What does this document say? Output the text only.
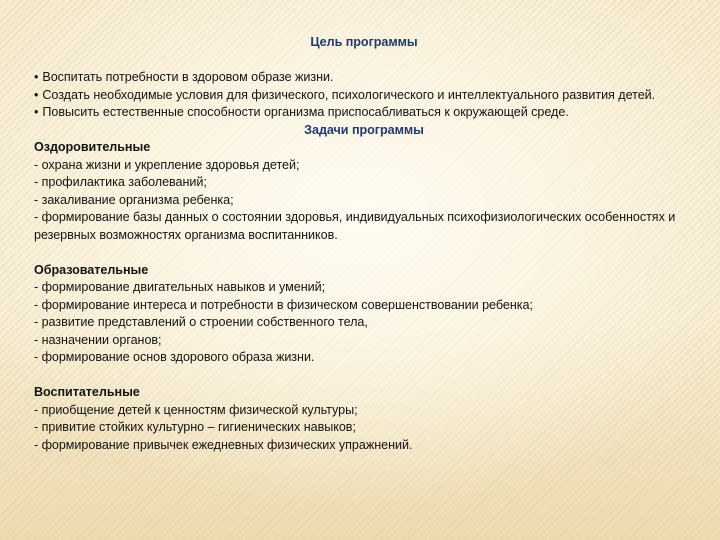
Цель программы
• Воспитать потребности в здоровом образе жизни.
• Создать необходимые условия для физического, психологического и интеллектуального развития детей.
• Повысить естественные способности организма приспосабливаться к окружающей среде.
Задачи программы
Оздоровительные
- охрана жизни и укрепление здоровья детей;
- профилактика заболеваний;
- закаливание организма ребенка;
- формирование базы данных о состоянии здоровья, индивидуальных психофизиологических особенностях и резервных возможностях организма воспитанников.
Образовательные
- формирование двигательных навыков и умений;
- формирование интереса и потребности в физическом совершенствовании ребенка;
- развитие представлений о строении собственного тела,
- назначении органов;
- формирование основ здорового образа жизни.
Воспитательные
- приобщение детей к ценностям физической культуры;
- привитие стойких культурно – гигиенических навыков;
- формирование привычек ежедневных физических упражнений.
